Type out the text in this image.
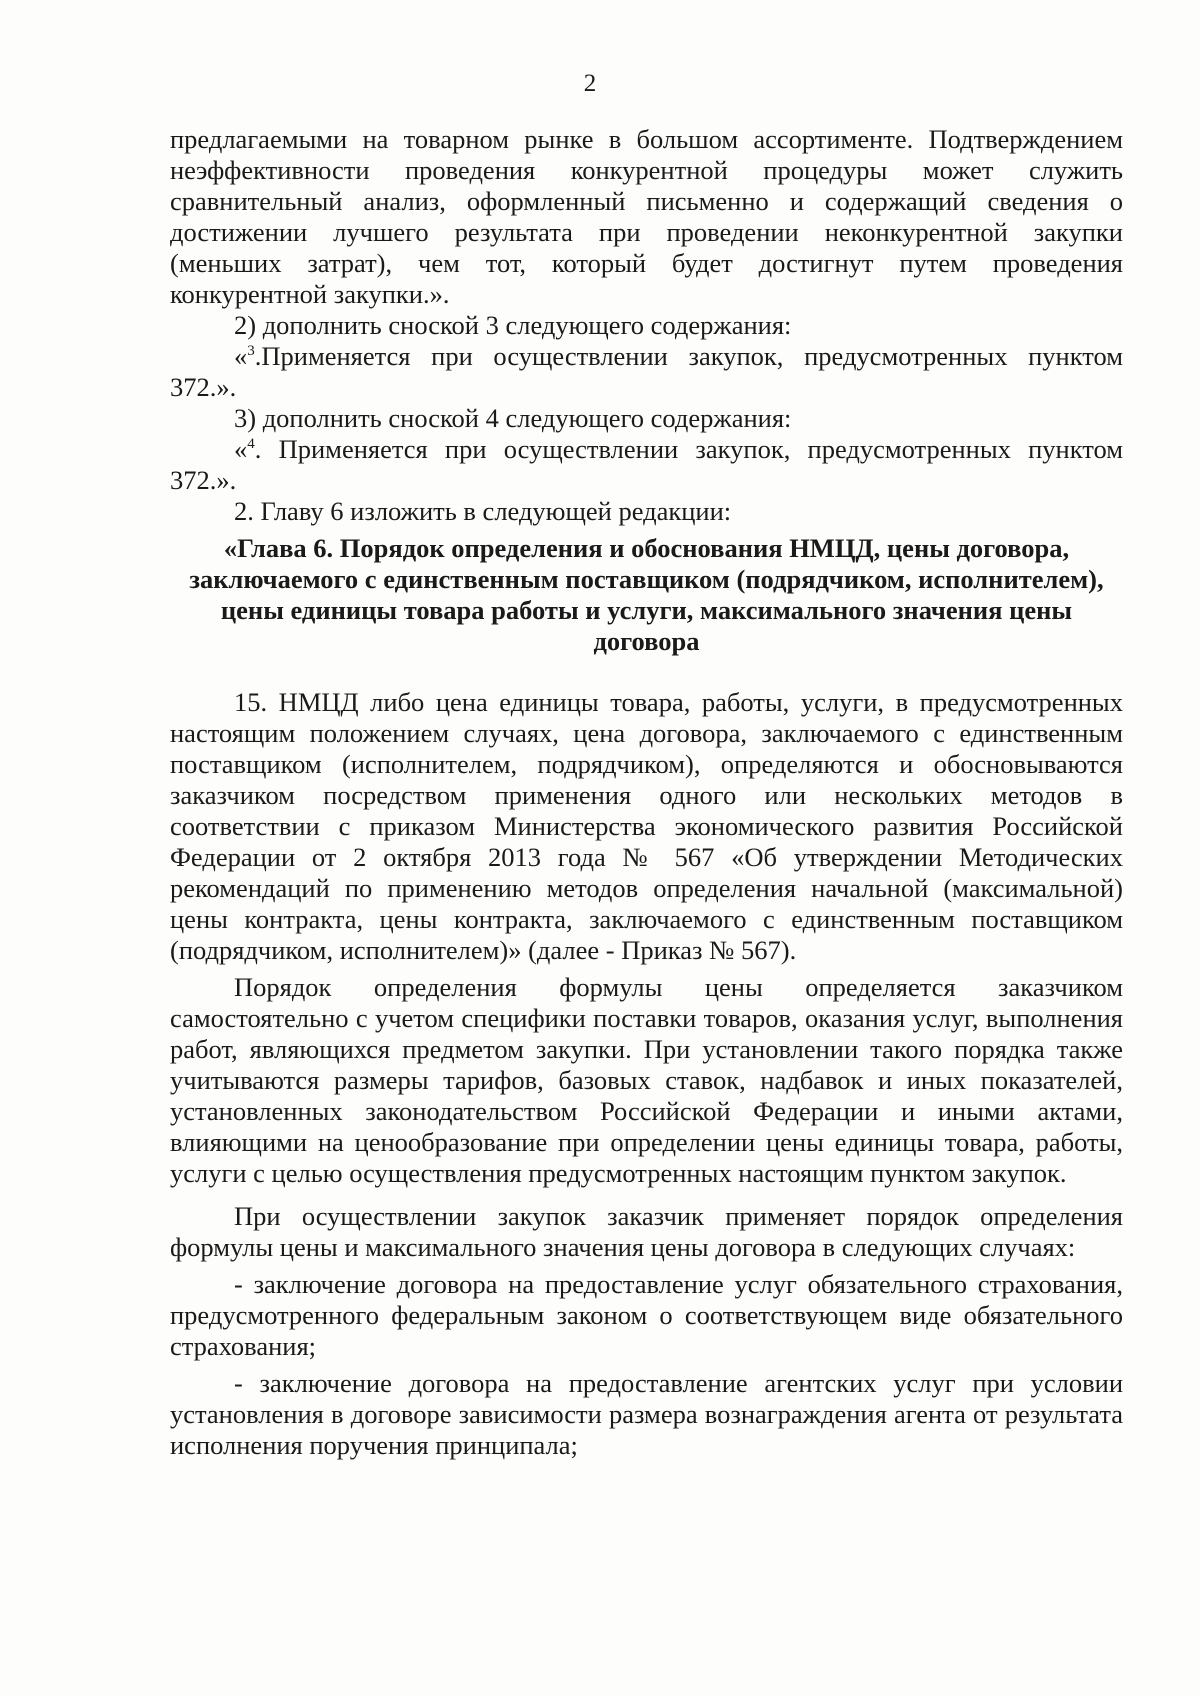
2

предлагаемыми на товарном рынке в большом ассортименте. Подтверждением неэффективности проведения конкурентной процедуры может служить сравнительный анализ, оформленный письменно и содержащий сведения о достижении лучшего результата при проведении неконкурентной закупки (меньших затрат), чем тот, который будет достигнут путем проведения конкурентной закупки.».

2) дополнить сноской 3 следующего содержания:

«$^3$.Применяется при осуществлении закупок, предусмотренных пунктом 372.».

3) дополнить сноской 4 следующего содержания:

«$^4$. Применяется при осуществлении закупок, предусмотренных пунктом 372.».

2. Главу 6 изложить в следующей редакции:

«Глава 6. Порядок определения и обоснования НМЦД, цены договора, заключаемого с единственным поставщиком (подрядчиком, исполнителем), цены единицы товара работы и услуги, максимального значения цены договора

15. НМЦД либо цена единицы товара, работы, услуги, в предусмотренных настоящим положением случаях, цена договора, заключаемого с единственным поставщиком (исполнителем, подрядчиком), определяются и обосновываются заказчиком посредством применения одного или нескольких методов в соответствии с приказом Министерства экономического развития Российской Федерации от 2 октября 2013 года № 567 «Об утверждении Методических рекомендаций по применению методов определения начальной (максимальной) цены контракта, цены контракта, заключаемого с единственным поставщиком (подрядчиком, исполнителем)» (далее - Приказ № 567).

Порядок определения формулы цены определяется заказчиком самостоятельно с учетом специфики поставки товаров, оказания услуг, выполнения работ, являющихся предметом закупки. При установлении такого порядка также учитываются размеры тарифов, базовых ставок, надбавок и иных показателей, установленных законодательством Российской Федерации и иными актами, влияющими на ценообразование при определении цены единицы товара, работы, услуги с целью осуществления предусмотренных настоящим пунктом закупок.

При осуществлении закупок заказчик применяет порядок определения формулы цены и максимального значения цены договора в следующих случаях:

- заключение договора на предоставление услуг обязательного страхования, предусмотренного федеральным законом о соответствующем виде обязательного страхования;

- заключение договора на предоставление агентских услуг при условии установления в договоре зависимости размера вознаграждения агента от результата исполнения поручения принципала;
